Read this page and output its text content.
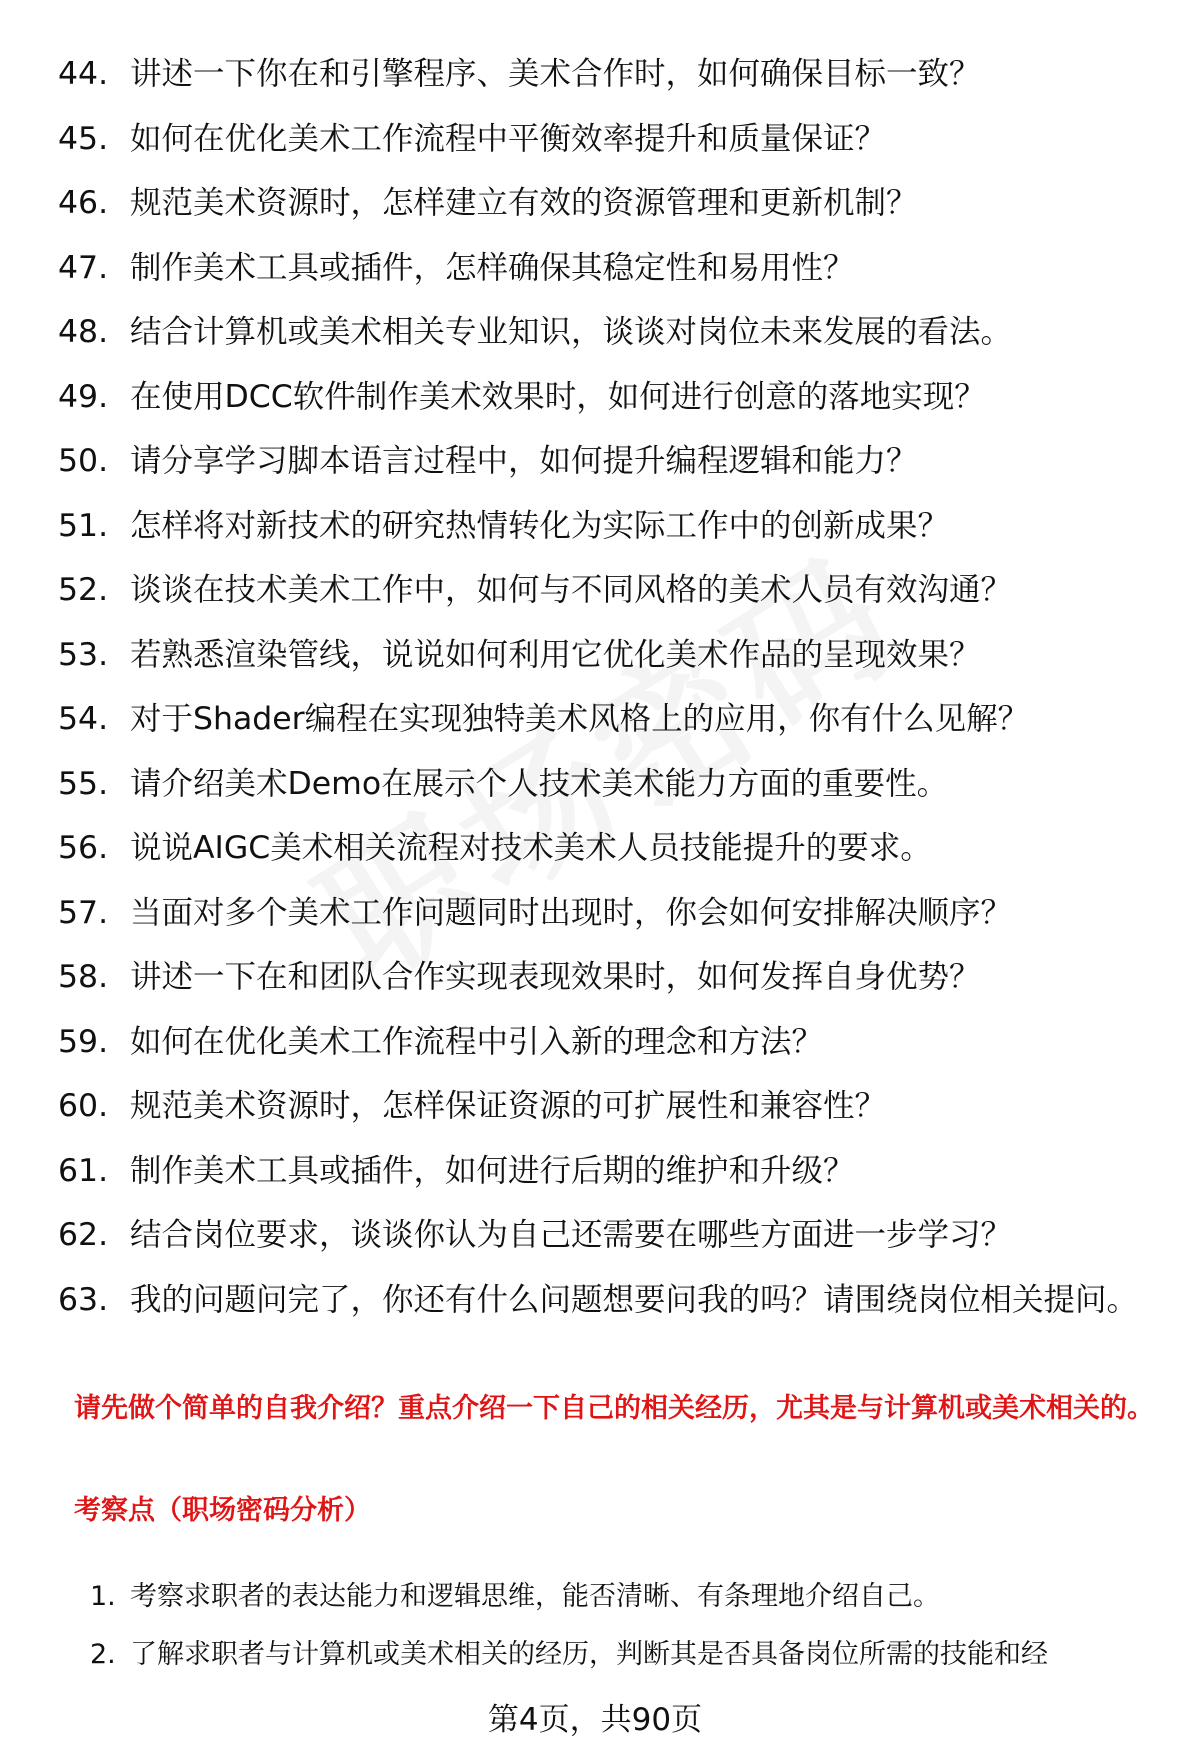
44. 讲述一下你在和引擎程序、美术合作时，如何确保目标一致？
45. 如何在优化美术工作流程中平衡效率提升和质量保证？
46. 规范美术资源时，怎样建立有效的资源管理和更新机制？
47. 制作美术工具或插件，怎样确保其稳定性和易用性？
48. 结合计算机或美术相关专业知识，谈谈对岗位未来发展的看法。
49. 在使用DCC软件制作美术效果时，如何进行创意的落地实现？
50. 请分享学习脚本语言过程中，如何提升编程逻辑和能力？
51. 怎样将对新技术的研究热情转化为实际工作中的创新成果？
52. 谈谈在技术美术工作中，如何与不同风格的美术人员有效沟通？
53. 若熟悉渲染管线，说说如何利用它优化美术作品的呈现效果？
54. 对于Shader编程在实现独特美术风格上的应用，你有什么见解？
55. 请介绍美术Demo在展示个人技术美术能力方面的重要性。
56. 说说AIGC美术相关流程对技术美术人员技能提升的要求。
57. 当面对多个美术工作问题同时出现时，你会如何安排解决顺序？
58. 讲述一下在和团队合作实现表现效果时，如何发挥自身优势？
59. 如何在优化美术工作流程中引入新的理念和方法？
60. 规范美术资源时，怎样保证资源的可扩展性和兼容性？
61. 制作美术工具或插件，如何进行后期的维护和升级？
62. 结合岗位要求，谈谈你认为自己还需要在哪些方面进一步学习？
63. 我的问题问完了，你还有什么问题想要问我的吗？请围绕岗位相关提问。

请先做个简单的自我介绍？重点介绍一下自己的相关经历，尤其是与计算机或美术相关的。

考察点（职场密码分析）

1. 考察求职者的表达能力和逻辑思维，能否清晰、有条理地介绍自己。
2. 了解求职者与计算机或美术相关的经历，判断其是否具备岗位所需的技能和经
第4页，共90页
